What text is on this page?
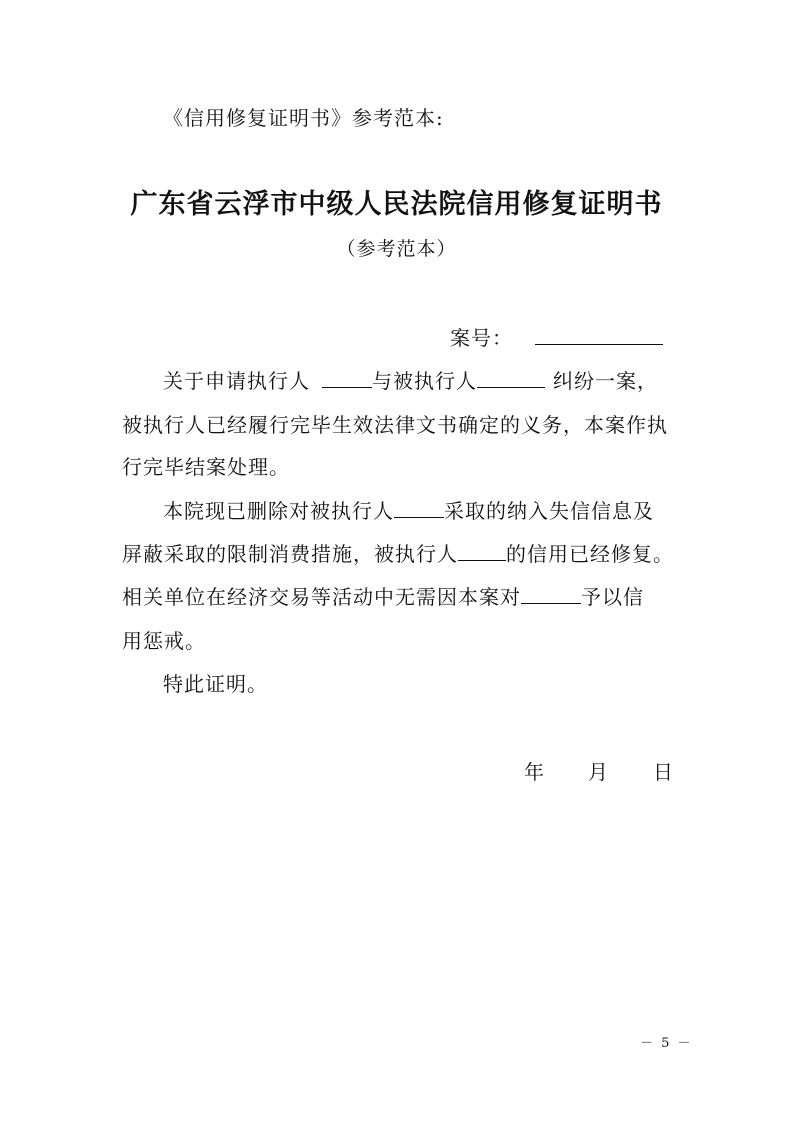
《信用修复证明书》参考范本:
广东省云浮市中级人民法院信用修复证明书
（参考范本）
案号：
关于申请执行人	与被执行人	纠纷一案，
被执行人已经履行完毕生效法律文书确定的义务，本案作执
行完毕结案处理。
本院现已删除对被执行人	采取的纳入失信信息及
屏蔽采取的限制消费措施，被执行人 的信用已经修复。
相关单位在经济交易等活动中无需因本案对	予以信
用惩戒。
特此证明。
年 月 日
－ 5 －
